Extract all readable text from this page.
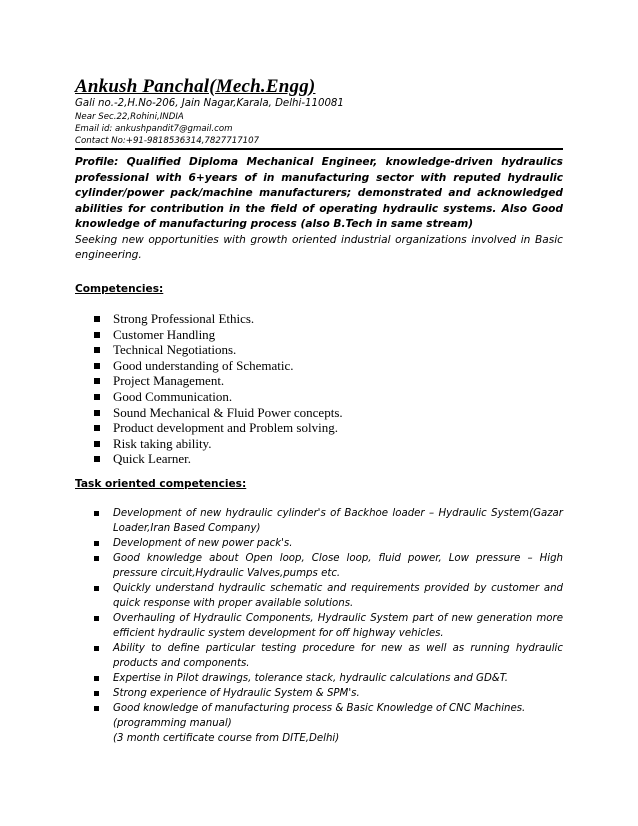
Ankush Panchal(Mech.Engg)
Gali no.-2,H.No-206, Jain Nagar,Karala, Delhi-110081
Near Sec.22,Rohini,INDIA
Email id: ankushpandit7@gmail.com
Contact No:+91-9818536314,7827717107
Profile: Qualified Diploma Mechanical Engineer, knowledge-driven hydraulics professional with 6+years of in manufacturing sector with reputed hydraulic cylinder/power pack/machine manufacturers; demonstrated and acknowledged abilities for contribution in the field of operating hydraulic systems. Also Good knowledge of manufacturing process (also B.Tech in same stream)
Seeking new opportunities with growth oriented industrial organizations involved in Basic engineering.
Competencies:
Strong Professional Ethics.
Customer Handling
Technical Negotiations.
Good understanding of Schematic.
Project Management.
Good Communication.
Sound Mechanical & Fluid Power concepts.
Product development and Problem solving.
Risk taking ability.
Quick Learner.
Task oriented competencies:
Development of new hydraulic cylinder's of Backhoe loader – Hydraulic System(Gazar Loader,Iran Based Company)
Development of new power pack's.
Good knowledge about Open loop, Close loop, fluid power, Low pressure – High pressure circuit,Hydraulic Valves,pumps etc.
Quickly understand hydraulic schematic and requirements provided by customer and quick response with proper available solutions.
Overhauling of Hydraulic Components, Hydraulic System part of new generation more efficient hydraulic system development for off highway vehicles.
Ability to define particular testing procedure for new as well as running hydraulic products and components.
Expertise in Pilot drawings, tolerance stack, hydraulic calculations and GD&T.
Strong experience of Hydraulic System & SPM's.
Good knowledge of manufacturing process & Basic Knowledge of CNC Machines.
(programming manual)
(3 month certificate course from DITE,Delhi)
